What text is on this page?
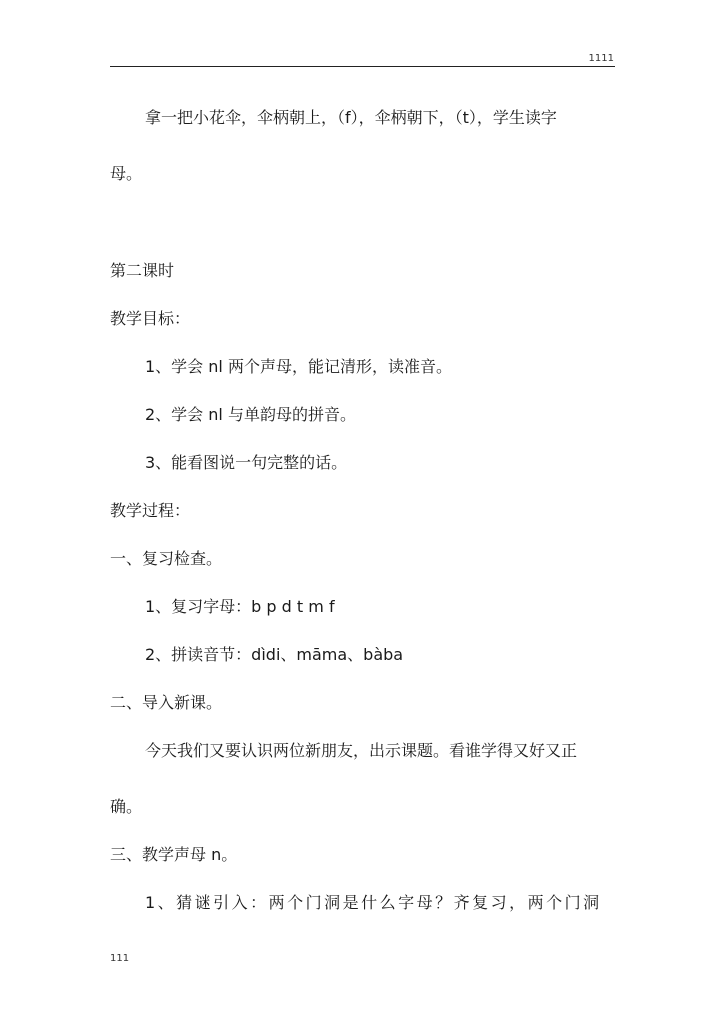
1111
拿一把小花伞，伞柄朝上，（f），伞柄朝下，（t），学生读字
母。
第二课时
教学目标：
1、学会 nl 两个声母，能记清形，读准音。
2、学会 nl 与单韵母的拼音。
3、能看图说一句完整的话。
教学过程：
一、复习检查。
1、复习字母：b p d t m f
2、拼读音节：dìdi、māma、bàba
二、导入新课。
今天我们又要认识两位新朋友，出示课题。看谁学得又好又正
确。
三、教学声母 n。
1、猜谜引入：两个门洞是什么字母？齐复习，两个门洞
111
